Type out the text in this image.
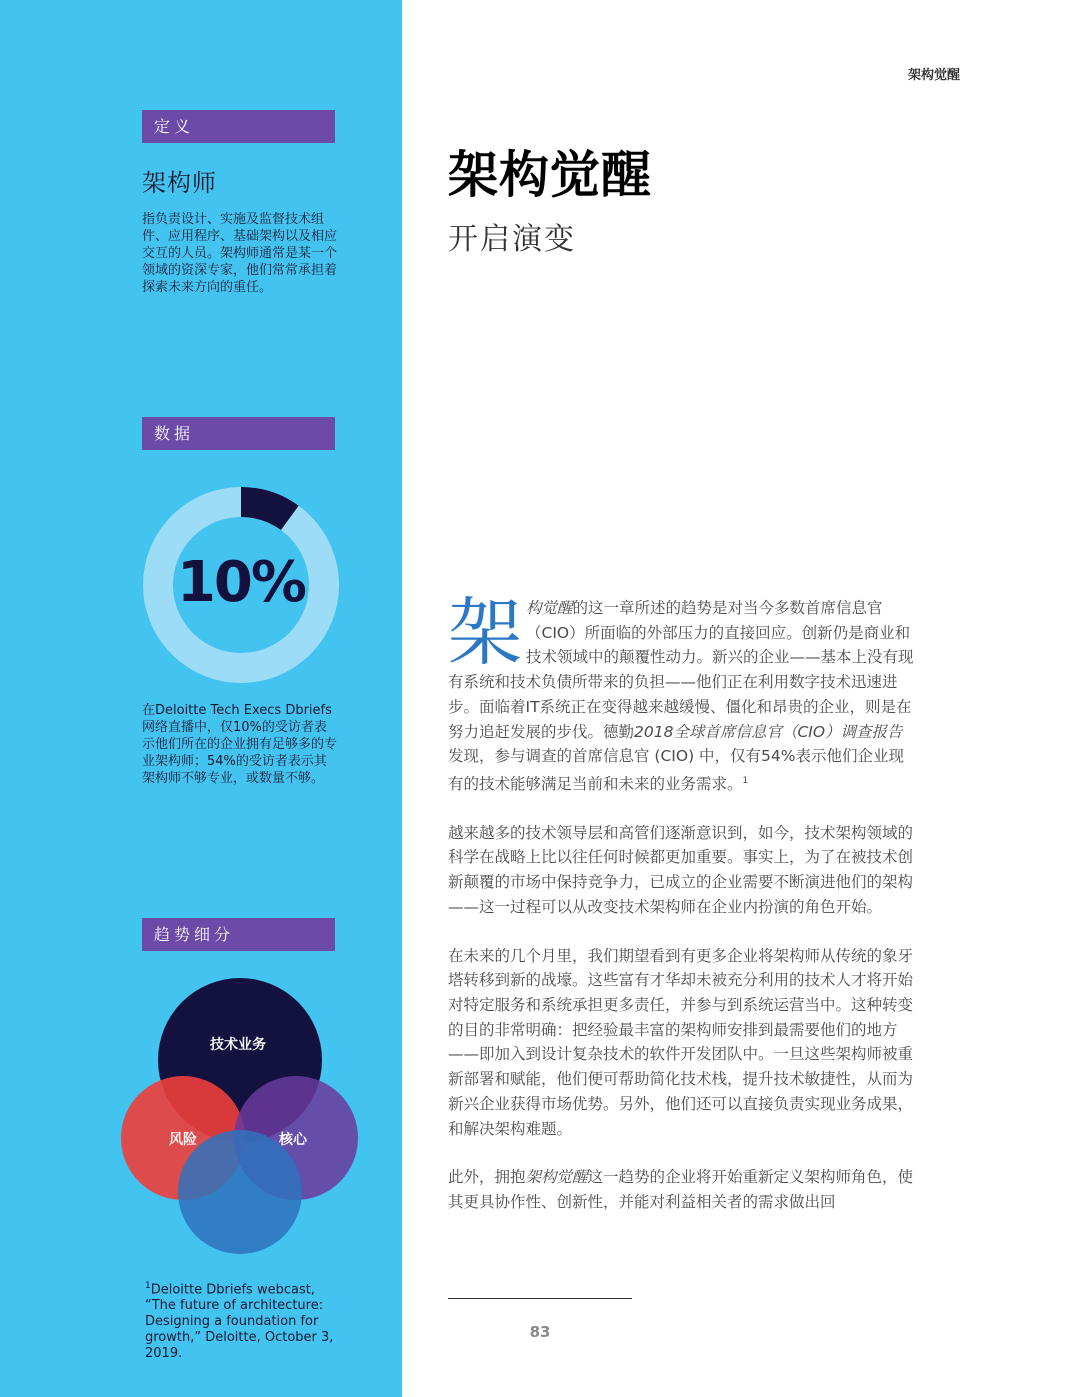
定义
架构师
指负责设计、实施及监督技术组件、应用程序、基础架构以及相应交互的人员。架构师通常是某一个领域的资深专家，他们常常承担着探索未来方向的重任。
数据
10%
在Deloitte Tech Execs Dbriefs网络直播中，仅10%的受访者表示他们所在的企业拥有足够多的专业架构师；54%的受访者表示其架构师不够专业，或数量不够。
趋势细分
技术业务
风险	核心
$^1$Deloitte Dbriefs webcast, “The future of architecture: Designing a foundation for growth,” Deloitte, October 3, 2019.
架构觉醒
架构觉醒
开启演变

架构觉醒的这一章所述的趋势是对当今多数首席信息官（CIO）所面临的外部压力的直接回应。创新仍是商业和技术领域中的颠覆性动力。新兴的企业——基本上没有现有系统和技术负债所带来的负担——他们正在利用数字技术迅速进步。面临着IT系统正在变得越来越缓慢、僵化和昂贵的企业，则是在努力追赶发展的步伐。德勤2018全球首席信息官（CIO）调查报告发现，参与调查的首席信息官 (CIO) 中，仅有54%表示他们企业现有的技术能够满足当前和未来的业务需求。$^1$

越来越多的技术领导层和高管们逐渐意识到，如今，技术架构领域的科学在战略上比以往任何时候都更加重要。事实上，为了在被技术创新颠覆的市场中保持竞争力，已成立的企业需要不断演进他们的架构——这一过程可以从改变技术架构师在企业内扮演的角色开始。

在未来的几个月里，我们期望看到有更多企业将架构师从传统的象牙塔转移到新的战壕。这些富有才华却未被充分利用的技术人才将开始对特定服务和系统承担更多责任，并参与到系统运营当中。这种转变的目的非常明确：把经验最丰富的架构师安排到最需要他们的地方——即加入到设计复杂技术的软件开发团队中。一旦这些架构师被重新部署和赋能，他们便可帮助简化技术栈，提升技术敏捷性，从而为新兴企业获得市场优势。另外，他们还可以直接负责实现业务成果，和解决架构难题。

此外，拥抱架构觉醒这一趋势的企业将开始重新定义架构师角色，使其更具协作性、创新性，并能对利益相关者的需求做出回

83
